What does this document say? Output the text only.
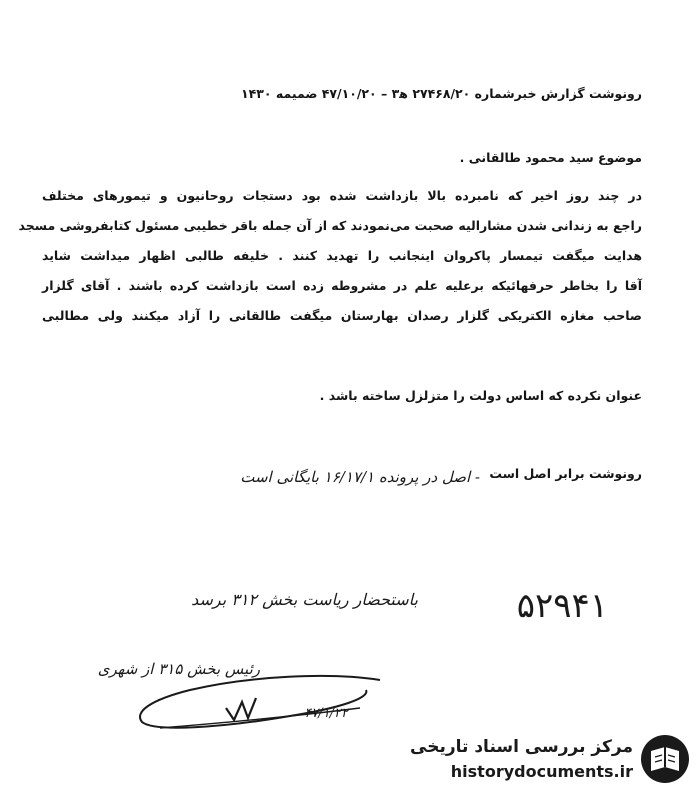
رونوشت گزارش خبرشماره ۲۷۴۶۸/۲۰ ﻫ۳ – ۴۷/۱۰/۲۰ ضمیمه ۱۴۳۰
موضوع سید محمود طالقانی .
در چند روز اخیر که نامبرده بالا بازداشت شده بود دستجات روحانیون و تیمورهای مختلف
راجع به زندانی شدن مشارالیه صحبت می‌نمودند که از آن جمله باقر خطیبی مسئول کتابفروشی مسجد
هدایت میگفت تیمسار پاکروان اینجانب را تهدید کنند . خلیفه طالبی اظهار میداشت شاید
آقا را بخاطر حرفهائیکه برعلیه علم در مشروطه زده است بازداشت کرده باشند . آقای گلزار
صاحب مغازه الکتریکی گلزار رصدان بهارستان میگفت طالقانی را آزاد میکنند ولی مطالبی
عنوان نکرده که اساس دولت را متزلزل ساخته باشد .
رونوشت برابر اصل است
- اصل در پرونده ۱۶/۱۷/۱ بایگانی است
۵۲۹۴۱
باستحضار ریاست بخش ۳۱۲ برسد
رئیس بخش ۳۱۵ از شهری
۴۷/۱/۲۲
مرکز بررسی اسناد تاریخی
historydocuments.ir
